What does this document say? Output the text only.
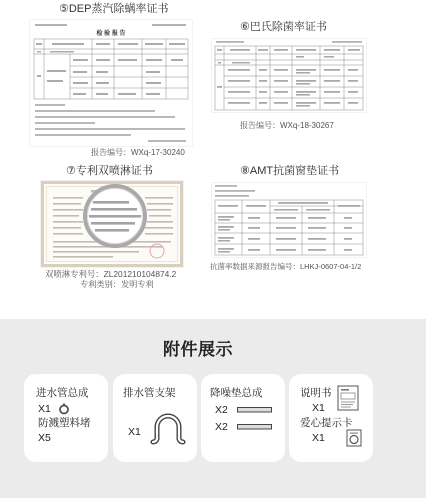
⑤DEP蒸汽除螨率证书
检 验 报 告
报告编号：WXq-17-30240
⑥巴氏除菌率证书
报告编号：WXq-18-30267
⑦专利双喷淋证书
双喷淋专利号：ZL201210104874.2
专利类别：发明专利
⑧AMT抗菌窗垫证书
抗菌率数据来源报告编号：LHKJ-0607-04-1/2
附件展示
进水管总成
X1
防溅塑料堵
X5
排水管支架
X1
降噪垫总成
X2
X2
说明书
X1
爱心提示卡
X1
